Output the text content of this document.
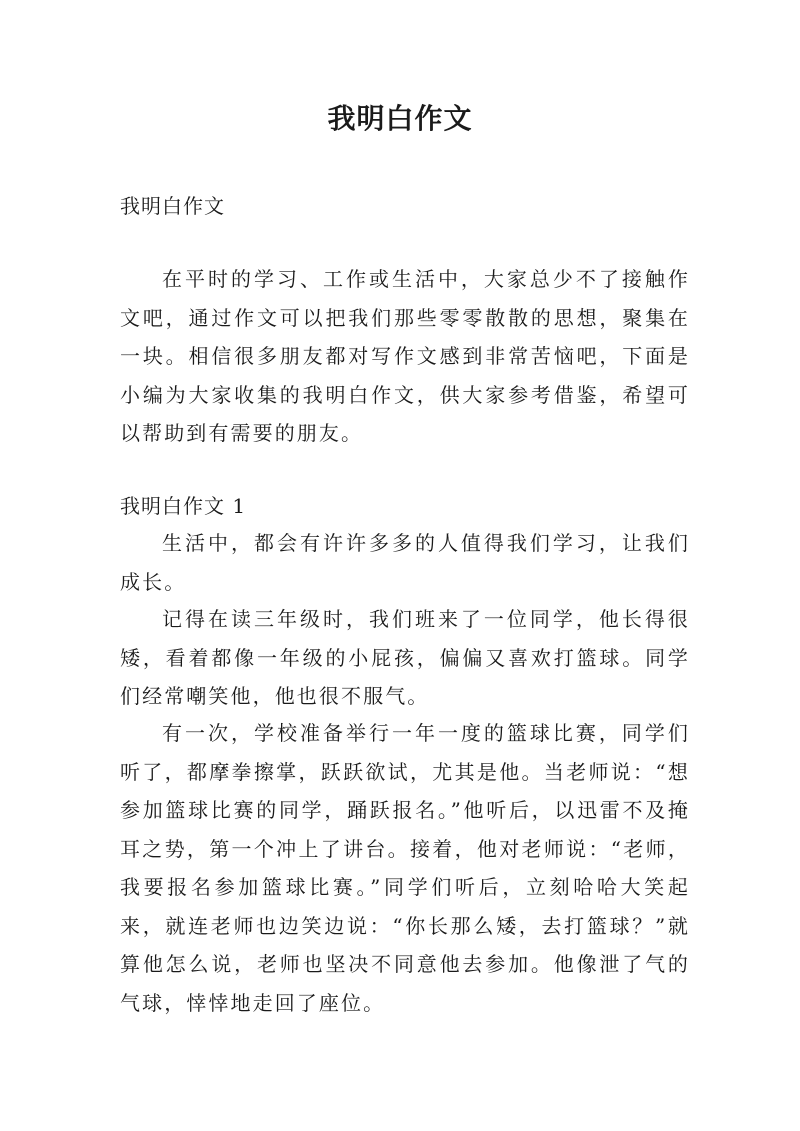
我明白作文
我明白作文
在平时的学习、工作或生活中，大家总少不了接触作文吧，通过作文可以把我们那些零零散散的思想，聚集在一块。相信很多朋友都对写作文感到非常苦恼吧，下面是小编为大家收集的我明白作文，供大家参考借鉴，希望可以帮助到有需要的朋友。
我明白作文 1
生活中，都会有许许多多的人值得我们学习，让我们成长。
记得在读三年级时，我们班来了一位同学，他长得很矮，看着都像一年级的小屁孩，偏偏又喜欢打篮球。同学们经常嘲笑他，他也很不服气。
有一次，学校准备举行一年一度的篮球比赛，同学们听了，都摩拳擦掌，跃跃欲试，尤其是他。当老师说：“想参加篮球比赛的同学，踊跃报名。”他听后，以迅雷不及掩耳之势，第一个冲上了讲台。接着，他对老师说：“老师，我要报名参加篮球比赛。”同学们听后，立刻哈哈大笑起来，就连老师也边笑边说：“你长那么矮，去打篮球？”就算他怎么说，老师也坚决不同意他去参加。他像泄了气的气球，悻悻地走回了座位。
